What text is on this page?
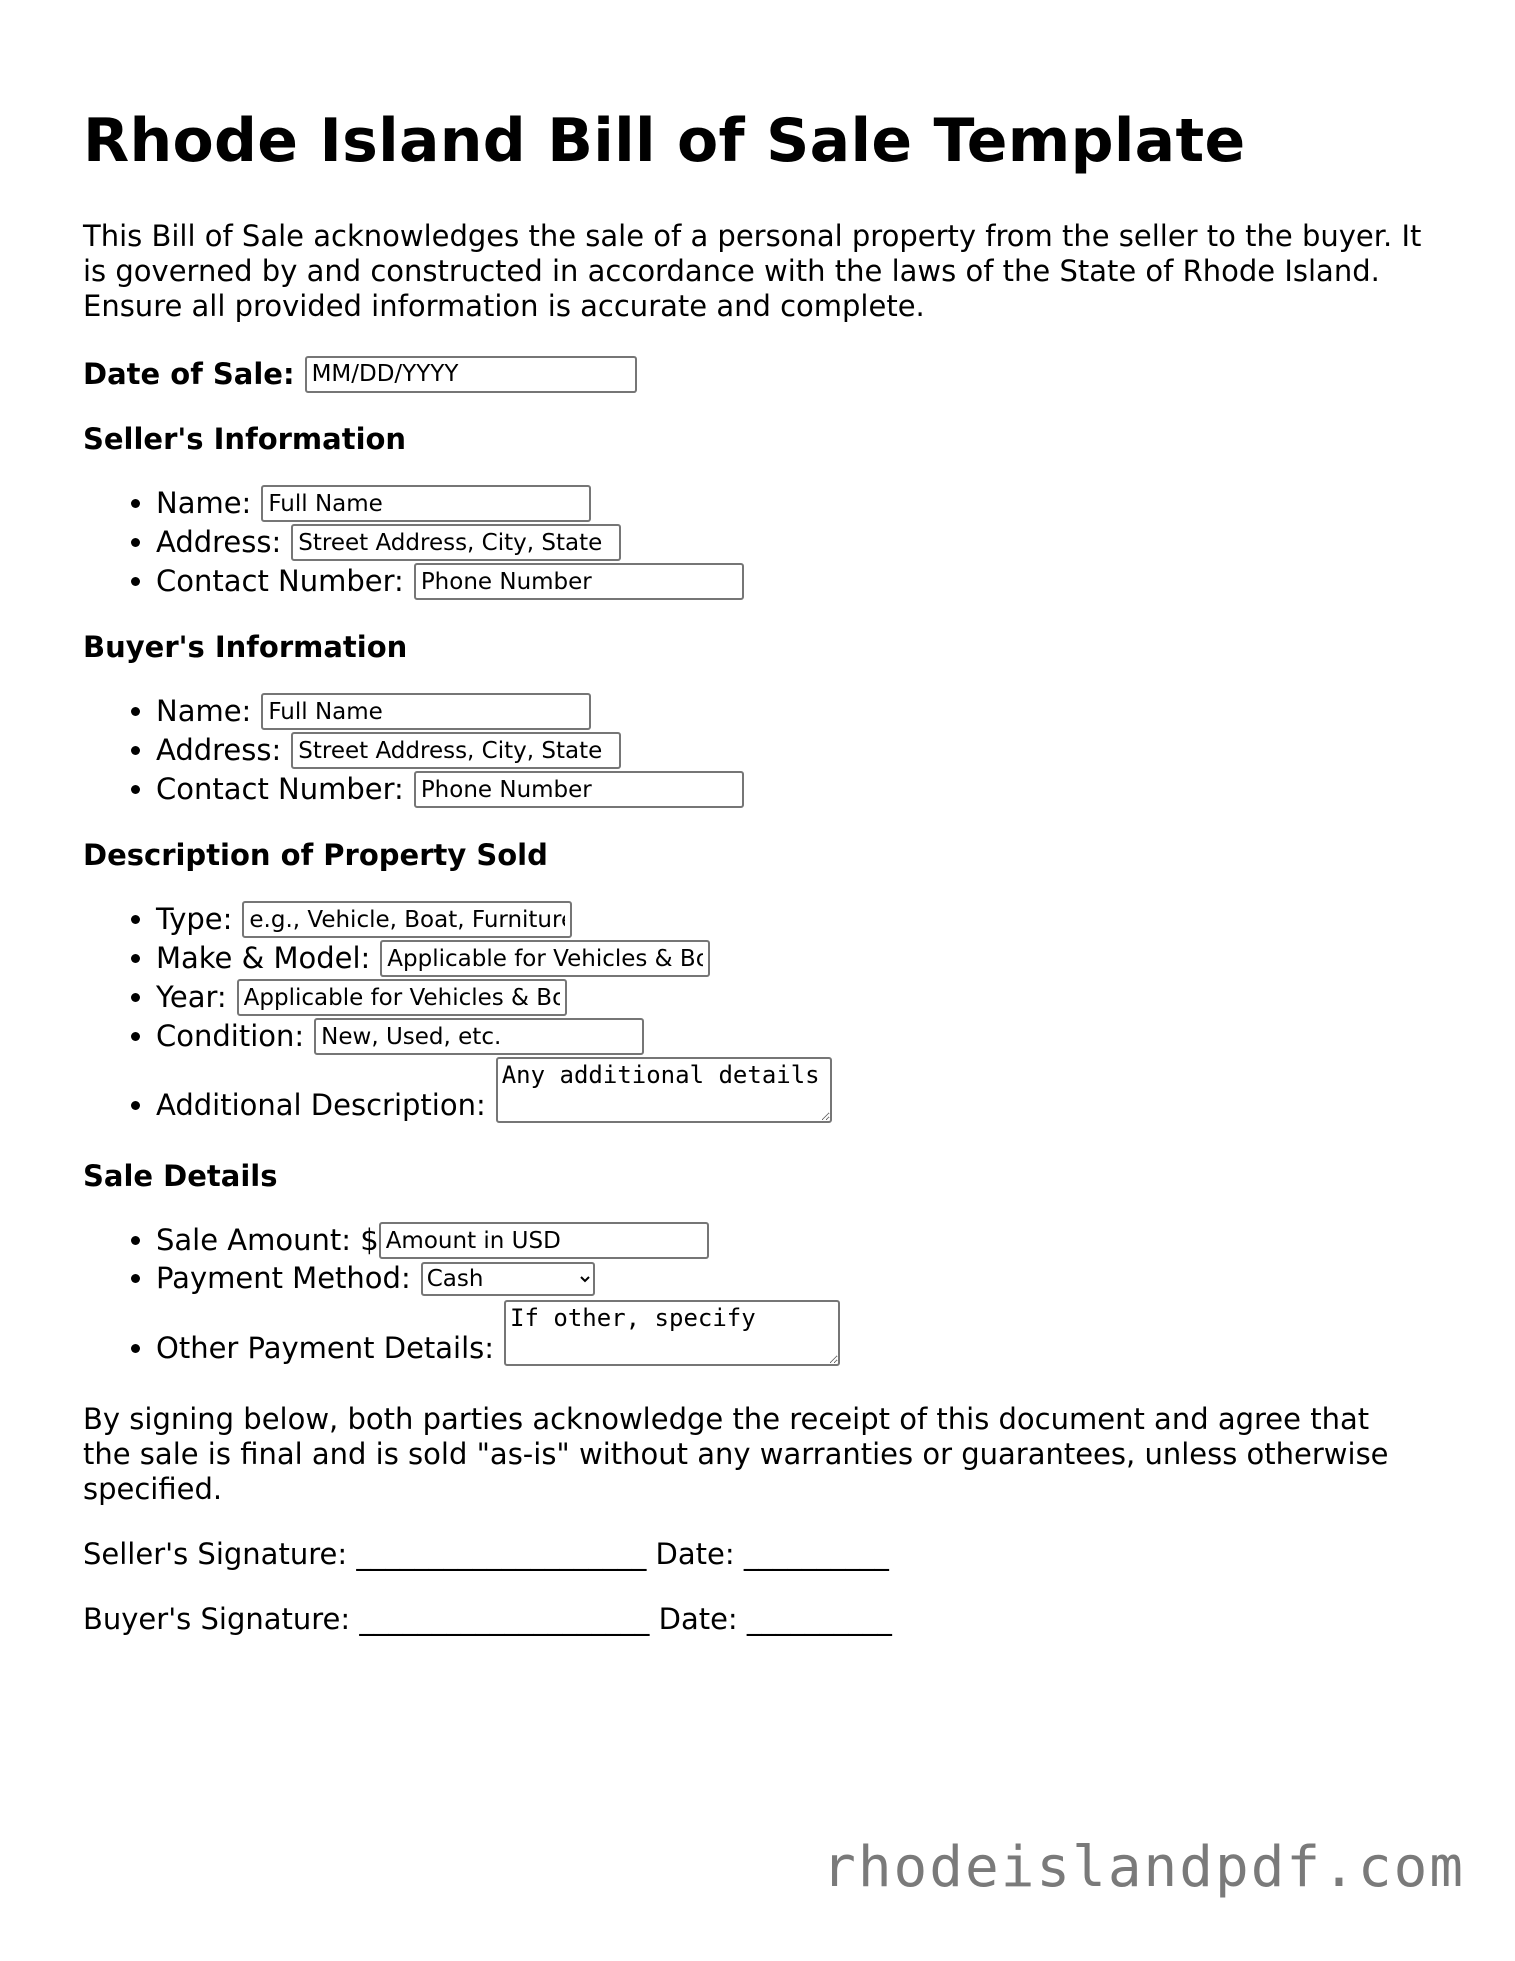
Rhode Island Bill of Sale Template

This Bill of Sale acknowledges the sale of a personal property from the seller to the buyer. It is governed by and constructed in accordance with the laws of the State of Rhode Island. Ensure all provided information is accurate and complete.

Date of Sale:
MM/DD/YYYY
Seller's Information
• Name:
Full Name
• Address:
Street Address, City, State
• Contact Number:
Phone Number
Buyer's Information
• Name:
Full Name
• Address:
Street Address, City, State
• Contact Number:
Phone Number
Description of Property Sold
• Type:
e.g., Vehicle, Boat, Furniture
• Make & Model:
Applicable for Vehicles & Boats
• Year:
Applicable for Vehicles & Boats
• Condition:
New, Used, etc.
• Additional Description:
Any additional details
Sale Details
• Sale Amount: $
Amount in USD
• Payment Method:
Cash
• Other Payment Details:
If other, specify
By signing below, both parties acknowledge the receipt of this document and agree that the sale is final and is sold "as-is" without any warranties or guarantees, unless otherwise specified.
Seller's Signature: ____________________ Date: __________
Buyer's Signature: ____________________ Date: __________
rhodeislandpdf.com
